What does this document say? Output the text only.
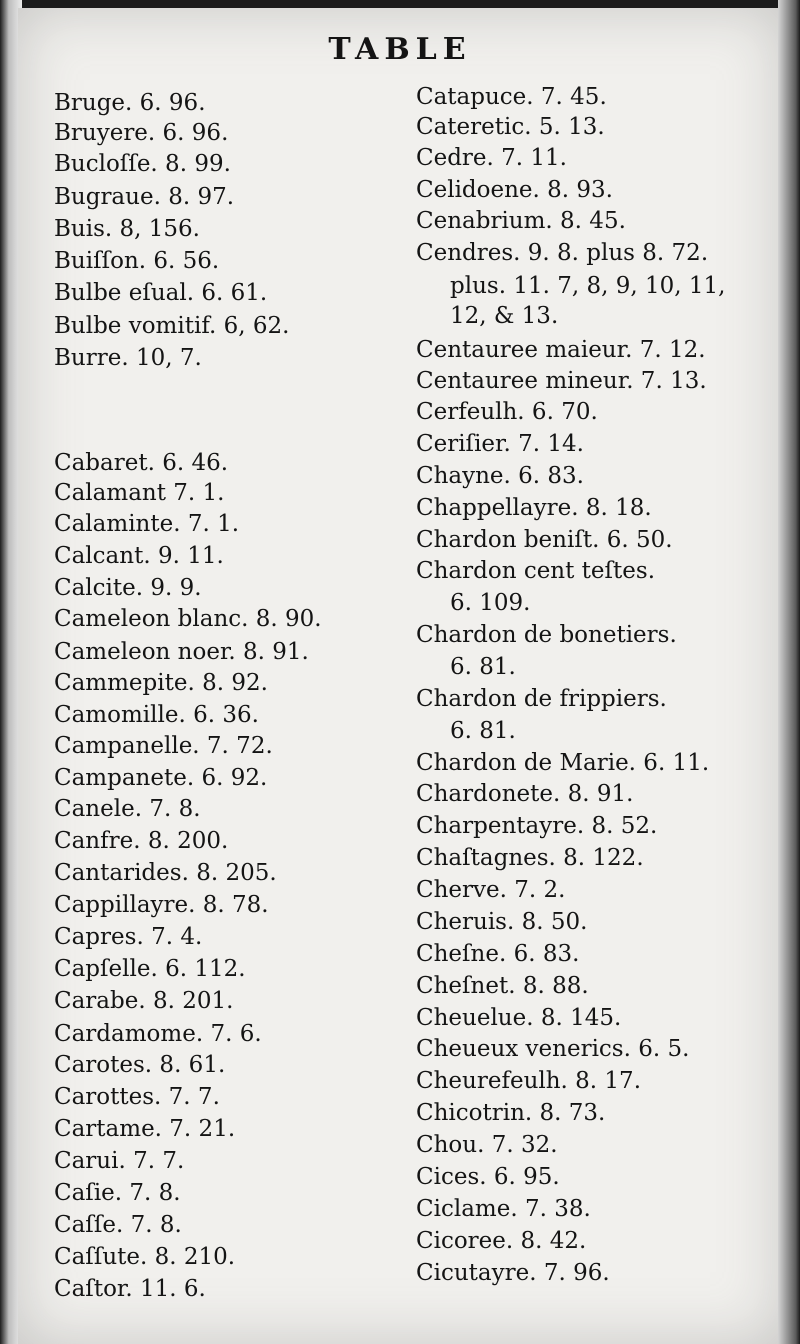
TABLE
Bruge. 6. 96.
Bruyere. 6. 96.
Bucloſſe. 8. 99.
Bugraue. 8. 97.
Buis. 8, 156.
Buiſſon. 6. 56.
Bulbe eſual. 6. 61.
Bulbe vomitif. 6, 62.
Burre. 10, 7.
Cabaret. 6. 46.
Calamant 7. 1.
Calaminte. 7. 1.
Calcant. 9. 11.
Calcite. 9. 9.
Cameleon blanc. 8. 90.
Cameleon noer. 8. 91.
Cammepite. 8. 92.
Camomille. 6. 36.
Campanelle. 7. 72.
Campanete. 6. 92.
Canele. 7. 8.
Canfre. 8. 200.
Cantarides. 8. 205.
Cappillayre. 8. 78.
Capres. 7. 4.
Capſelle. 6. 112.
Carabe. 8. 201.
Cardamome. 7. 6.
Carotes. 8. 61.
Carottes. 7. 7.
Cartame. 7. 21.
Carui. 7. 7.
Caſie. 7. 8.
Caſſe. 7. 8.
Caſſute. 8. 210.
Caſtor. 11. 6.
Catapuce. 7. 45.
Cateretic. 5. 13.
Cedre. 7. 11.
Celidoene. 8. 93.
Cenabrium. 8. 45.
Cendres. 9. 8. plus 8. 72.
plus. 11. 7, 8, 9, 10, 11,
12, & 13.
Centauree maieur. 7. 12.
Centauree mineur. 7. 13.
Cerfeulh. 6. 70.
Ceriſier. 7. 14.
Chayne. 6. 83.
Chappellayre. 8. 18.
Chardon beniſt. 6. 50.
Chardon cent teſtes.
6. 109.
Chardon de bonetiers.
6. 81.
Chardon de frippiers.
6. 81.
Chardon de Marie. 6. 11.
Chardonete. 8. 91.
Charpentayre. 8. 52.
Chaſtagnes. 8. 122.
Cherve. 7. 2.
Cheruis. 8. 50.
Cheſne. 6. 83.
Cheſnet. 8. 88.
Cheuelue. 8. 145.
Cheueux venerics. 6. 5.
Cheurefeulh. 8. 17.
Chicotrin. 8. 73.
Chou. 7. 32.
Cices. 6. 95.
Ciclame. 7. 38.
Cicoree. 8. 42.
Cicutayre. 7. 96.
